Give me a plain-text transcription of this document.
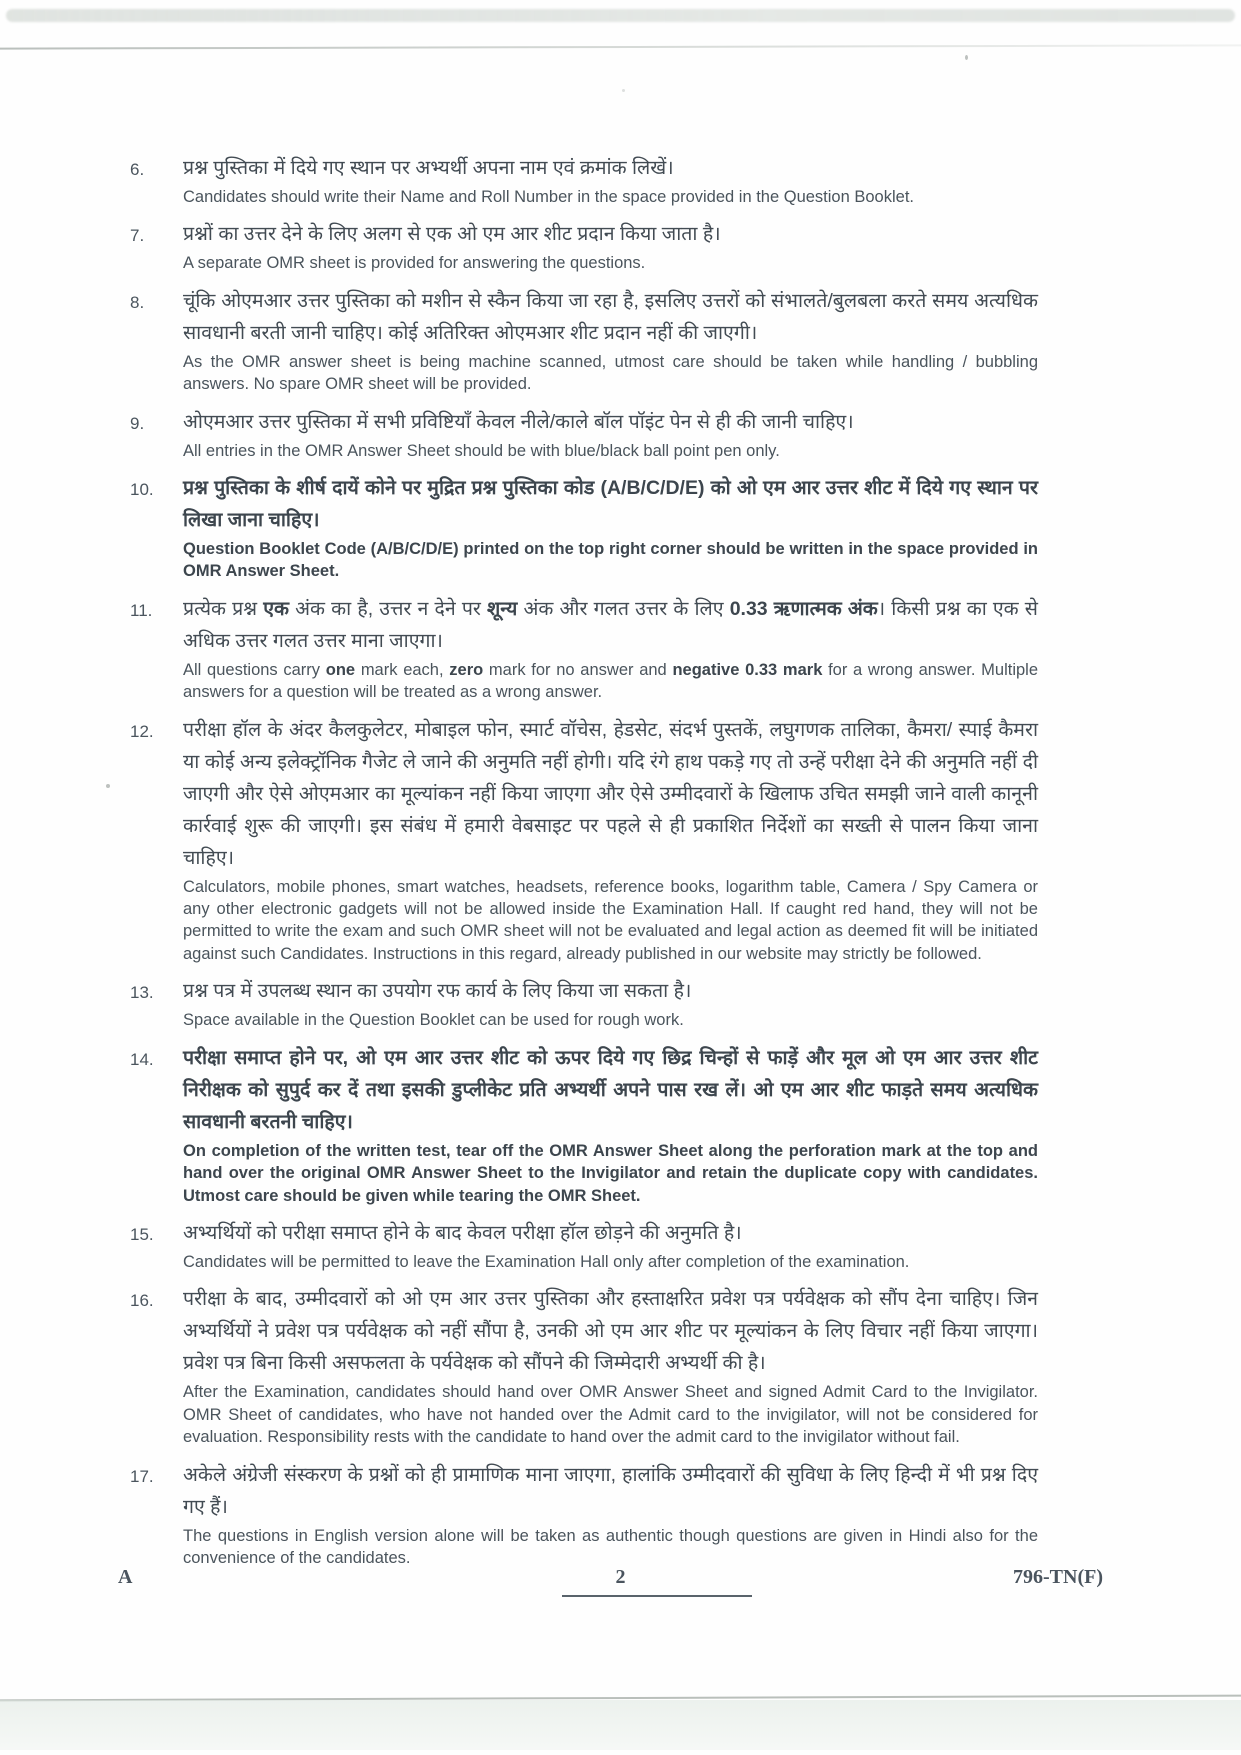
6.	प्रश्न पुस्तिका में दिये गए स्थान पर अभ्यर्थी अपना नाम एवं क्रमांक लिखें।

Candidates should write their Name and Roll Number in the space provided in the Question Booklet.

7.	प्रश्नों का उत्तर देने के लिए अलग से एक ओ एम आर शीट प्रदान किया जाता है।

A separate OMR sheet is provided for answering the questions.

8.	चूंकि ओएमआर उत्तर पुस्तिका को मशीन से स्कैन किया जा रहा है, इसलिए उत्तरों को संभालते/बुलबला करते समय अत्यधिक सावधानी बरती जानी चाहिए। कोई अतिरिक्त ओएमआर शीट प्रदान नहीं की जाएगी।

As the OMR answer sheet is being machine scanned, utmost care should be taken while handling / bubbling answers. No spare OMR sheet will be provided.

9.	ओएमआर उत्तर पुस्तिका में सभी प्रविष्टियाँ केवल नीले/काले बॉल पॉइंट पेन से ही की जानी चाहिए।

All entries in the OMR Answer Sheet should be with blue/black ball point pen only.

10.	प्रश्न पुस्तिका के शीर्ष दायें कोने पर मुद्रित प्रश्न पुस्तिका कोड (A/B/C/D/E) को ओ एम आर उत्तर शीट में दिये गए स्थान पर लिखा जाना चाहिए।

Question Booklet Code (A/B/C/D/E) printed on the top right corner should be written in the space provided in OMR Answer Sheet.

11.	प्रत्येक प्रश्न एक अंक का है, उत्तर न देने पर शून्य अंक और गलत उत्तर के लिए 0.33 ऋणात्मक अंक। किसी प्रश्न का एक से अधिक उत्तर गलत उत्तर माना जाएगा।

All questions carry one mark each, zero mark for no answer and negative 0.33 mark for a wrong answer. Multiple answers for a question will be treated as a wrong answer.

12.	परीक्षा हॉल के अंदर कैलकुलेटर, मोबाइल फोन, स्मार्ट वॉचेस, हेडसेट, संदर्भ पुस्तकें, लघुगणक तालिका, कैमरा/ स्पाई कैमरा या कोई अन्य इलेक्ट्रॉनिक गैजेट ले जाने की अनुमति नहीं होगी। यदि रंगे हाथ पकड़े गए तो उन्हें परीक्षा देने की अनुमति नहीं दी जाएगी और ऐसे ओएमआर का मूल्यांकन नहीं किया जाएगा और ऐसे उम्मीदवारों के खिलाफ उचित समझी जाने वाली कानूनी कार्रवाई शुरू की जाएगी। इस संबंध में हमारी वेबसाइट पर पहले से ही प्रकाशित निर्देशों का सख्ती से पालन किया जाना चाहिए।

Calculators, mobile phones, smart watches, headsets, reference books, logarithm table, Camera / Spy Camera or any other electronic gadgets will not be allowed inside the Examination Hall. If caught red hand, they will not be permitted to write the exam and such OMR sheet will not be evaluated and legal action as deemed fit will be initiated against such Candidates. Instructions in this regard, already published in our website may strictly be followed.

13.	प्रश्न पत्र में उपलब्ध स्थान का उपयोग रफ कार्य के लिए किया जा सकता है।

Space available in the Question Booklet can be used for rough work.

14.	परीक्षा समाप्त होने पर, ओ एम आर उत्तर शीट को ऊपर दिये गए छिद्र चिन्हों से फाड़ें और मूल ओ एम आर उत्तर शीट निरीक्षक को सुपुर्द कर दें तथा इसकी डुप्लीकेट प्रति अभ्यर्थी अपने पास रख लें। ओ एम आर शीट फाड़ते समय अत्यधिक सावधानी बरतनी चाहिए।

On completion of the written test, tear off the OMR Answer Sheet along the perforation mark at the top and hand over the original OMR Answer Sheet to the Invigilator and retain the duplicate copy with candidates. Utmost care should be given while tearing the OMR Sheet.

15.	अभ्यर्थियों को परीक्षा समाप्त होने के बाद केवल परीक्षा हॉल छोड़ने की अनुमति है।

Candidates will be permitted to leave the Examination Hall only after completion of the examination.

16.	परीक्षा के बाद, उम्मीदवारों को ओ एम आर उत्तर पुस्तिका और हस्ताक्षरित प्रवेश पत्र पर्यवेक्षक को सौंप देना चाहिए। जिन अभ्यर्थियों ने प्रवेश पत्र पर्यवेक्षक को नहीं सौंपा है, उनकी ओ एम आर शीट पर मूल्यांकन के लिए विचार नहीं किया जाएगा। प्रवेश पत्र बिना किसी असफलता के पर्यवेक्षक को सौंपने की जिम्मेदारी अभ्यर्थी की है।

After the Examination, candidates should hand over OMR Answer Sheet and signed Admit Card to the Invigilator. OMR Sheet of candidates, who have not handed over the Admit card to the invigilator, will not be considered for evaluation. Responsibility rests with the candidate to hand over the admit card to the invigilator without fail.

17.	अकेले अंग्रेजी संस्करण के प्रश्नों को ही प्रामाणिक माना जाएगा, हालांकि उम्मीदवारों की सुविधा के लिए हिन्दी में भी प्रश्न दिए गए हैं।

The questions in English version alone will be taken as authentic though questions are given in Hindi also for the convenience of the candidates.

A	2	796-TN(F)
